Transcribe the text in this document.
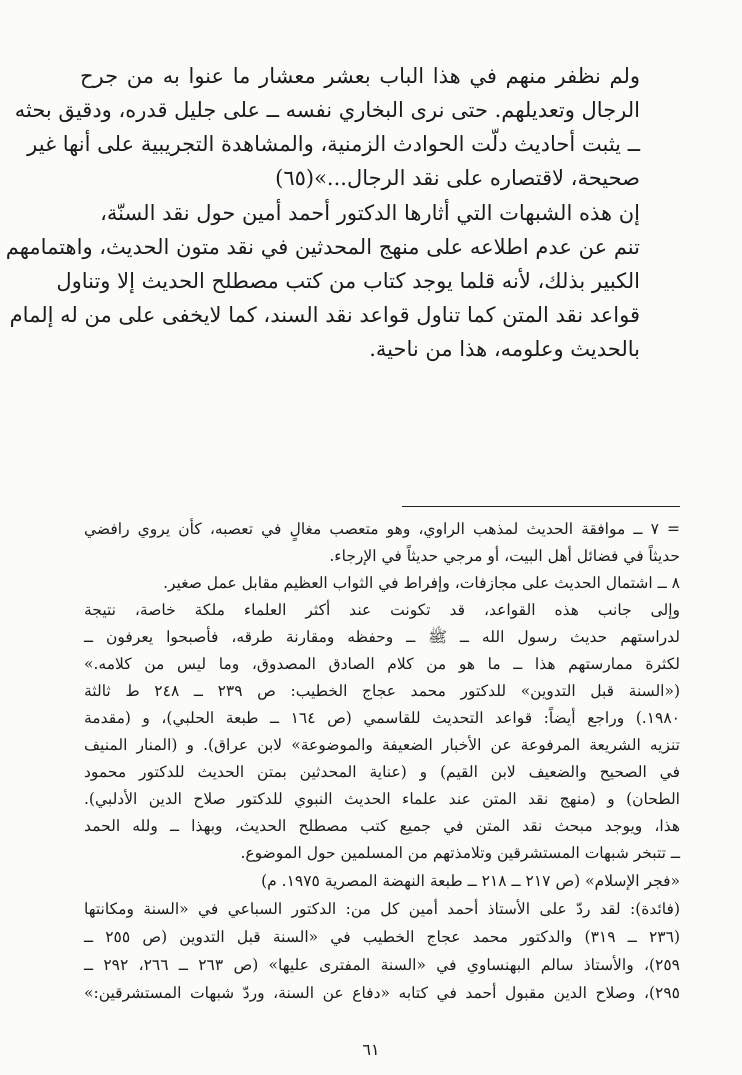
ولم نظفر منهم في هذا الباب بعشر معشار ما عنوا به من جرح
الرجال وتعديلهم. حتى نرى البخاري نفسه ــ على جليل قدره، ودقيق بحثه
ــ يثبت أحاديث دلّت الحوادث الزمنية، والمشاهدة التجريبية على أنها غير
صحيحة، لاقتصاره على نقد الرجال...»(٦٥)
إن هذه الشبهات التي أثارها الدكتور أحمد أمين حول نقد السنّة،
تنم عن عدم اطلاعه على منهج المحدثين في نقد متون الحديث، واهتمامهم
الكبير بذلك، لأنه قلما يوجد كتاب من كتب مصطلح الحديث إلا وتناول
قواعد نقد المتن كما تناول قواعد نقد السند، كما لايخفى على من له إلمام
بالحديث وعلومه، هذا من ناحية.
= ٧ ــ موافقة الحديث لمذهب الراوي، وهو متعصب مغالٍ في تعصبه، كأن يروي رافضي
حديثاً في فضائل أهل البيت، أو مرجي حديثاً في الإرجاء.
٨ ــ اشتمال الحديث على مجازفات، وإفراط في الثواب العظيم مقابل عمل صغير.
وإلى جانب هذه القواعد، قد تكونت عند أكثر العلماء ملكة خاصة، نتيجة
لدراستهم حديث رسول الله ــ ﷺ ــ وحفظه ومقارنة طرقه، فأصبحوا يعرفون ــ
لكثرة ممارستهم هذا ــ ما هو من كلام الصادق المصدوق، وما ليس من كلامه.»
(«السنة قبل التدوين» للدكتور محمد عجاج الخطيب: ص ٢٣٩ ــ ٢٤٨ ط ثالثة
١٩٨٠.) وراجع أيضاً: قواعد التحديث للقاسمي (ص ١٦٤ ــ طبعة الحلبي)، و (مقدمة
تنزيه الشريعة المرفوعة عن الأخبار الضعيفة والموضوعة» لابن عراق). و (المنار المنيف
في الصحيح والضعيف لابن القيم) و (عناية المحدثين بمتن الحديث للدكتور محمود
الطحان) و (منهج نقد المتن عند علماء الحديث النبوي للدكتور صلاح الدين الأدلبي).
هذا، ويوجد مبحث نقد المتن في جميع كتب مصطلح الحديث، وبهذا ــ ولله الحمد
ــ تتبخر شبهات المستشرقين وتلامذتهم من المسلمين حول الموضوع.
«فجر الإسلام» (ص ٢١٧ ــ ٢١٨ ــ طبعة النهضة المصرية ١٩٧٥. م)
(فائدة): لقد ردّ على الأستاذ أحمد أمين كل من: الدكتور السباعي في «السنة ومكانتها
(٢٣٦ ــ ٣١٩) والدكتور محمد عجاج الخطيب في «السنة قبل التدوين (ص ٢٥٥ ــ
٢٥٩)، والأستاذ سالم البهنساوي في «السنة المفترى عليها» (ص ٢٦٣ ــ ٢٦٦، ٢٩٢ ــ
٢٩٥)، وصلاح الدين مقبول أحمد في كتابه «دفاع عن السنة، وردّ شبهات المستشرقين:»
٦١
